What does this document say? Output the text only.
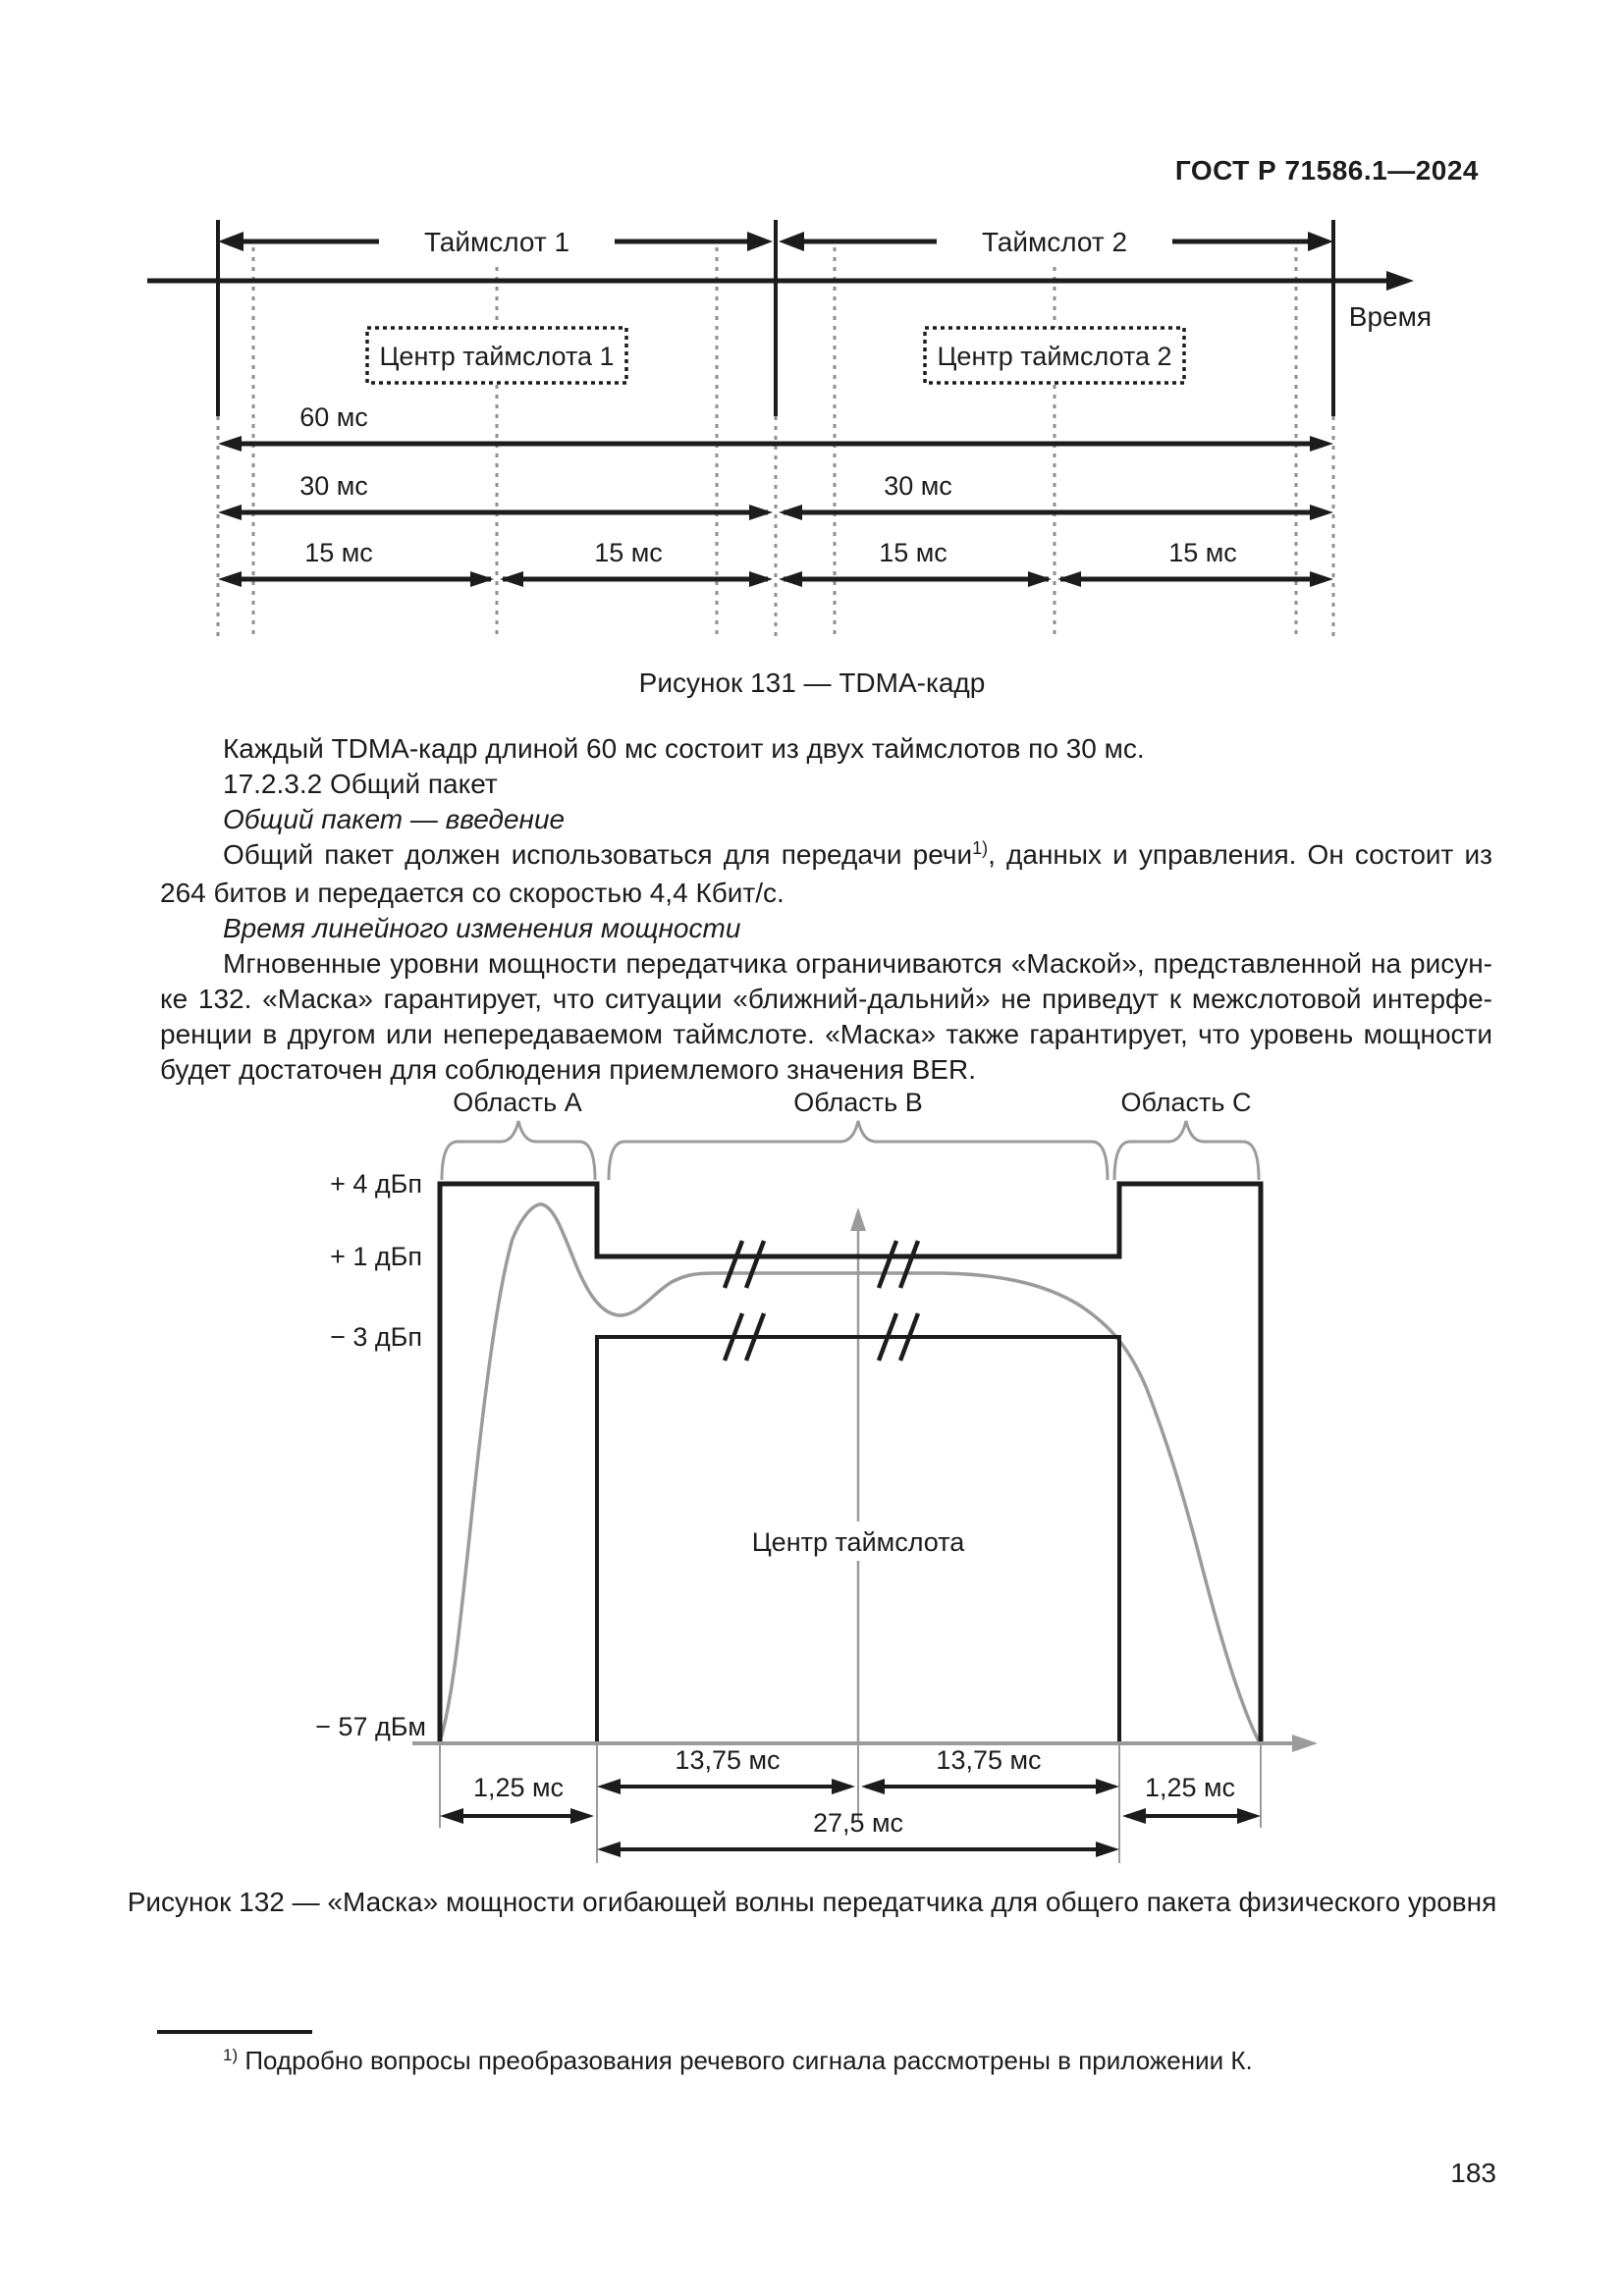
ГОСТ Р 71586.1—2024
Таймслот 1	Таймслот 2
Время
Центр таймслота 1	Центр таймслота 2
60 мс
30 мс	30 мс
15 мс	15 мс	15 мс	15 мс
Рисунок 131 — TDMA-кадр
Каждый TDMA-кадр длиной 60 мс состоит из двух таймслотов по 30 мс.
17.2.3.2 Общий пакет
Общий пакет — введение
Общий пакет должен использоваться для передачи речи$^{1)}$, данных и управления. Он состоит из
264 битов и передается со скоростью 4,4 Кбит/с.
Время линейного изменения мощности
Мгновенные уровни мощности передатчика ограничиваются «Маской», представленной на рисун-
ке 132. «Маска» гарантирует, что ситуации «ближний-дальний» не приведут к межслотовой интерфе-
ренции в другом или непередаваемом таймслоте. «Маска» также гарантирует, что уровень мощности
будет достаточен для соблюдения приемлемого значения BER.
Область A	Область B	Область C
Центр таймслота
+ 4 дБп
+ 1 дБп
− 3 дБп
− 57 дБм
13,75 мс	13,75 мс
1,25 мс	1,25 мс
27,5 мс
Рисунок 132 — «Маска» мощности огибающей волны передатчика для общего пакета физического уровня
$^{1)}$ Подробно вопросы преобразования речевого сигнала рассмотрены в приложении К.
183
